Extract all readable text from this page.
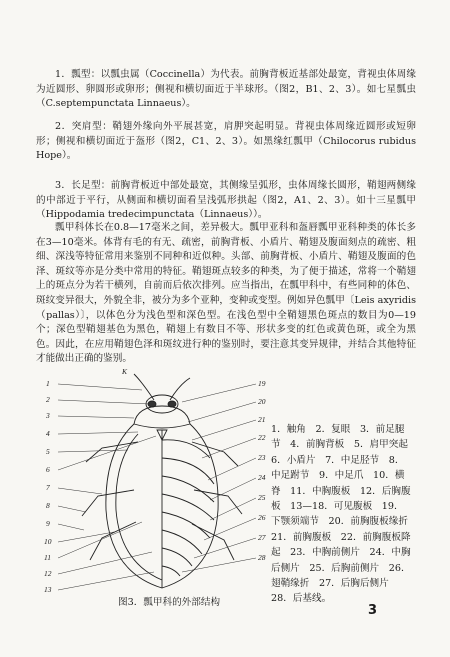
1．瓢型：以瓢虫属（Coccinella）为代表。前胸背板近基部处最宽，背视虫体周缘为近圆形、卵圆形或卵形；侧视和横切面近于半球形。（图2，B1、2、3）。如七星瓢虫（C.septempunctata Linnaeus）。

2．突肩型：鞘翅外缘向外平展甚宽，肩胛突起明显。背视虫体周缘近圆形或短卵形；侧视和横切面近于盔形（图2，C1、2、3）。如黑缘红瓢甲（Chilocorus rubidus Hope）。

3．长足型：前胸背板近中部处最宽，其侧缘呈弧形，虫体周缘长圆形，鞘翅两侧缘的中部近于平行，从侧面和横切面看呈浅弧形拱起（图2，A1、2、3）。如十三星瓢甲（Hippodamia tredecimpunctata（Linnaeus））。

瓢甲科体长在0.8—17毫米之间，差异极大。瓢甲亚科和盔唇瓢甲亚科种类的体长多在3—10毫米。体背有毛的有无、疏密，前胸背板、小盾片、鞘翅及腹面刻点的疏密、粗细、深浅等特征常用来鉴别不同种和近似种。头部、前胸背板、小盾片、鞘翅及腹面的色泽、斑纹等亦是分类中常用的特征。鞘翅斑点较多的种类，为了便于描述，常将一个鞘翅上的斑点分为若干横列，自前而后依次排列。应当指出，在瓢甲科中，有些同种的体色、斑纹变异很大，外貌全非，被分为多个亚种，变种或变型。例如异色瓢甲〔Leis axyridis（pallas）〕，以体色分为浅色型和深色型。在浅色型中全鞘翅黑色斑点的数目为0—19个；深色型鞘翅基色为黑色，鞘翅上有数目不等、形状多变的红色或黄色斑，或全为黑色。因此，在应用鞘翅色泽和斑纹进行种的鉴别时，要注意其变异规律，并结合其他特征才能做出正确的鉴别。

K
1
2
3
4
5
6
7
8
9
10
11
12
13
19
20
21
22
23
24
25
26
27
28

1．触角　2．复眼　3．前足腿节　4．前胸背板　5．肩甲突起　6．小盾片　7．中足胫节　8．中足跗节　9．中足爪　10．横脊　11．中胸腹板　12．后胸腹板　13—18．可见腹板　19．下颚须端节　20．前胸腹板缘折　21．前胸腹板　22．前胸腹板降起　23．中胸前侧片　24．中胸后侧片　25．后胸前侧片　26．翅鞘缘折　27．后胸后侧片　28．后基线。

图3．瓢甲科的外部结构
3
